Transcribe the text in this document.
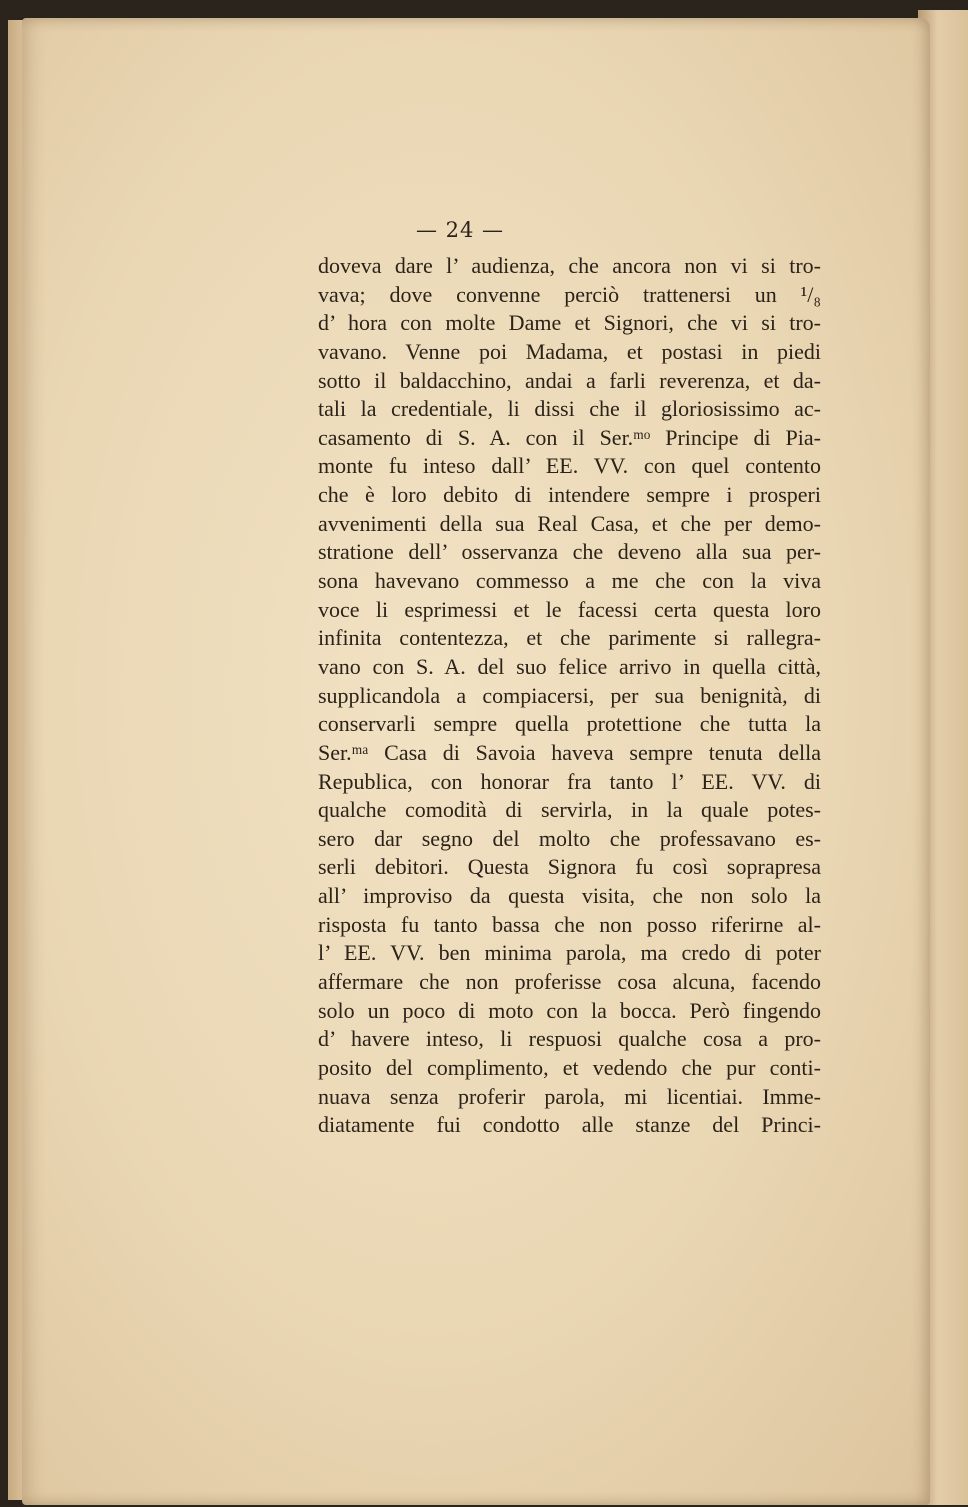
— 24 —
doveva dare l’ audienza, che ancora non vi si tro-
vava; dove convenne perciò trattenersi un ¹/₈
d’ hora con molte Dame et Signori, che vi si tro-
vavano. Venne poi Madama, et postasi in piedi
sotto il baldacchino, andai a farli reverenza, et da-
tali la credentiale, li dissi che il gloriosissimo ac-
casamento di S. A. con il Ser.ᵐᵒ Principe di Pia-
monte fu inteso dall’ EE. VV. con quel contento
che è loro debito di intendere sempre i prosperi
avvenimenti della sua Real Casa, et che per demo-
stratione dell’ osservanza che deveno alla sua per-
sona havevano commesso a me che con la viva
voce li esprimessi et le facessi certa questa loro
infinita contentezza, et che parimente si rallegra-
vano con S. A. del suo felice arrivo in quella città,
supplicandola a compiacersi, per sua benignità, di
conservarli sempre quella protettione che tutta la
Ser.ᵐᵃ Casa di Savoia haveva sempre tenuta della
Republica, con honorar fra tanto l’ EE. VV. di
qualche comodità di servirla, in la quale potes-
sero dar segno del molto che professavano es-
serli debitori. Questa Signora fu così soprapresa
all’ improviso da questa visita, che non solo la
risposta fu tanto bassa che non posso riferirne al-
l’ EE. VV. ben minima parola, ma credo di poter
affermare che non proferisse cosa alcuna, facendo
solo un poco di moto con la bocca. Però fingendo
d’ havere inteso, li respuosi qualche cosa a pro-
posito del complimento, et vedendo che pur conti-
nuava senza proferir parola, mi licentiai. Imme-
diatamente fui condotto alle stanze del Princi-
